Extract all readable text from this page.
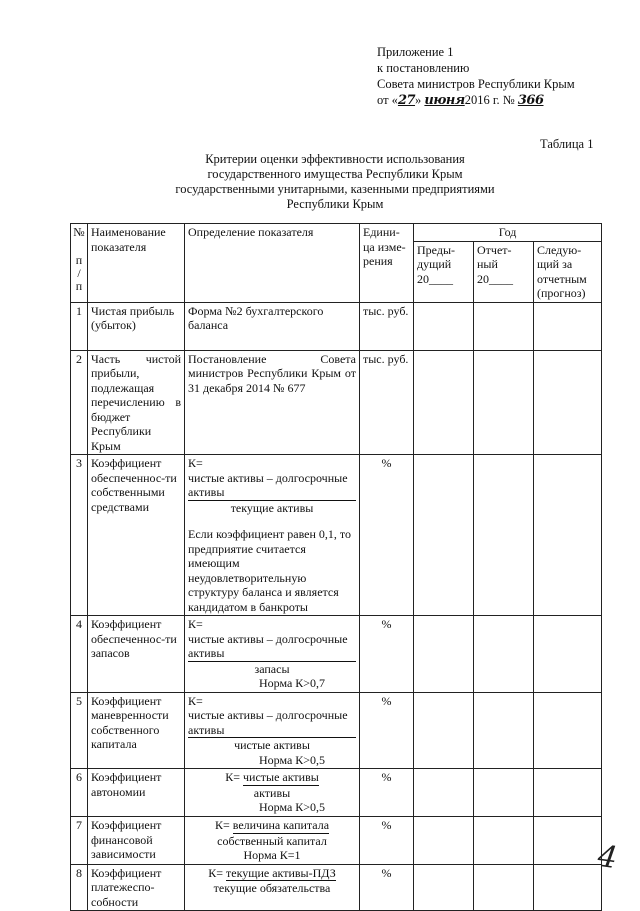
Приложение 1
к постановлению
Совета министров Республики Крым
от «27» июня2016 г. № 366
Таблица 1
Критерии оценки эффективности использования
государственного имущества Республики Крым
государственными унитарными, казенными предприятиями
Республики Крым
№
п / п	Наименование показателя	Определение показателя	Едини-ца изме-рения	Год		
				Преды-дущий 20____	Отчет-ный 20____	Следую-щий за отчетным (прогноз)
1	Чистая прибыль (убыток)	Форма №2 бухгалтерского баланса	тыс. руб.			
2	Часть чистой прибыли, подлежащая перечислению в бюджет Республики Крым	Постановление Совета министров Республики Крым от 31 декабря 2014 № 677	тыс. руб.			
3	Коэффициент обеспеченнос-ти собственными средствами	К= чистые активы – долгосрочные активы
текущие активы
Если коэффициент равен 0,1, то предприятие считается имеющим неудовлетворительную структуру баланса и является кандидатом в банкроты	%			
4	Коэффициент обеспеченнос-ти запасов	К= чистые активы – долгосрочные активы
запасы
Норма К>0,7	%			
5	Коэффициент маневренности собственного капитала	К= чистые активы – долгосрочные активы
чистые активы
Норма К>0,5	%			
6	Коэффициент автономии	К= чистые активы
активы
Норма К>0,5	%			
7	Коэффициент финансовой зависимости	К= величина капитала
собственный капитал
Норма К=1	%			
8	Коэффициент платежеспо-собности	К= текущие активы-ПДЗ
текущие обязательства	%				4
